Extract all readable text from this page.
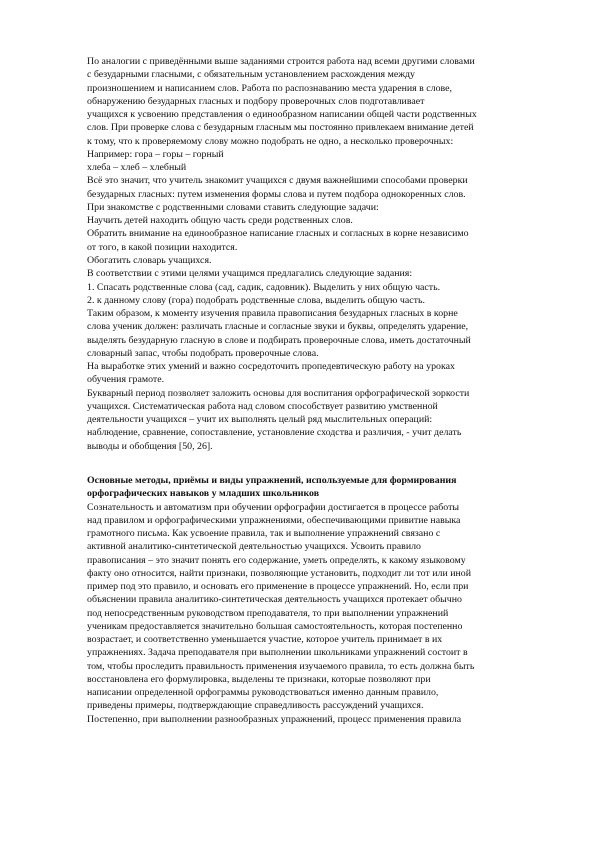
По аналогии с приведёнными выше заданиями строится работа над всеми другими словами
с безударными гласными, с обязательным установлением расхождения между
произношением и написанием слов. Работа по распознаванию места ударения в слове,
обнаружению безударных гласных и подбору проверочных слов подготавливает
учащихся к усвоению представления о единообразном написании общей части родственных
слов. При проверке слова с безударным гласным мы постоянно привлекаем внимание детей
к тому, что к проверяемому слову можно подобрать не одно, а несколько проверочных:
Например: гора – горы – горный
хлеба – хлеб – хлебный
Всё это значит, что учитель знакомит учащихся с двумя важнейшими способами проверки
безударных гласных: путем изменения формы слова и путем подбора однокоренных слов.
При знакомстве с родственными словами ставить следующие задачи:
Научить детей находить общую часть среди родственных слов.
Обратить внимание на единообразное написание гласных и согласных в корне независимо
от того, в какой позиции находится.
Обогатить словарь учащихся.
В соответствии с этими целями учащимся предлагались следующие задания:
1. Спасать родственные слова (сад, садик, садовник). Выделить у них общую часть.
2. к данному слову (гора) подобрать родственные слова, выделить общую часть.
Таким образом, к моменту изучения правила правописания безударных гласных в корне
слова ученик должен: различать гласные и согласные звуки и буквы, определять ударение,
выделять безударную гласную в слове и подбирать проверочные слова, иметь достаточный
словарный запас, чтобы подобрать проверочные слова.
На выработке этих умений и важно сосредоточить пропедевтическую работу на уроках
обучения грамоте.
Букварный период позволяет заложить основы для воспитания орфографической зоркости
учащихся. Систематическая работа над словом способствует развитию умственной
деятельности учащихся – учит их выполнять целый ряд мыслительных операций:
наблюдение, сравнение, сопоставление, установление сходства и различия, - учит делать
выводы и обобщения [50, 26].
Основные методы, приёмы и виды упражнений, используемые для формирования
орфографических навыков у младших школьников
Сознательность и автоматизм при обучении орфографии достигается в процессе работы
над правилом и орфографическими упражнениями, обеспечивающими привитие навыка
грамотного письма. Как усвоение правила, так и выполнение упражнений связано с
активной аналитико-синтетической деятельностью учащихся. Усвоить правило
правописания – это значит понять его содержание, уметь определять, к какому языковому
факту оно относится, найти признаки, позволяющие установить, подходит ли тот или иной
пример под это правило, и основать его применение в процессе упражнений. Но, если при
объяснении правила аналитико-синтетическая деятельность учащихся протекает обычно
под непосредственным руководством преподавателя, то при выполнении упражнений
ученикам предоставляется значительно большая самостоятельность, которая постепенно
возрастает, и соответственно уменьшается участие, которое учитель принимает в их
упражнениях. Задача преподавателя при выполнении школьниками упражнений состоит в
том, чтобы проследить правильность применения изучаемого правила, то есть должна быть
восстановлена его формулировка, выделены те признаки, которые позволяют при
написании определенной орфограммы руководствоваться именно данным правило,
приведены примеры, подтверждающие справедливость рассуждений учащихся.
Постепенно, при выполнении разнообразных упражнений, процесс применения правила
